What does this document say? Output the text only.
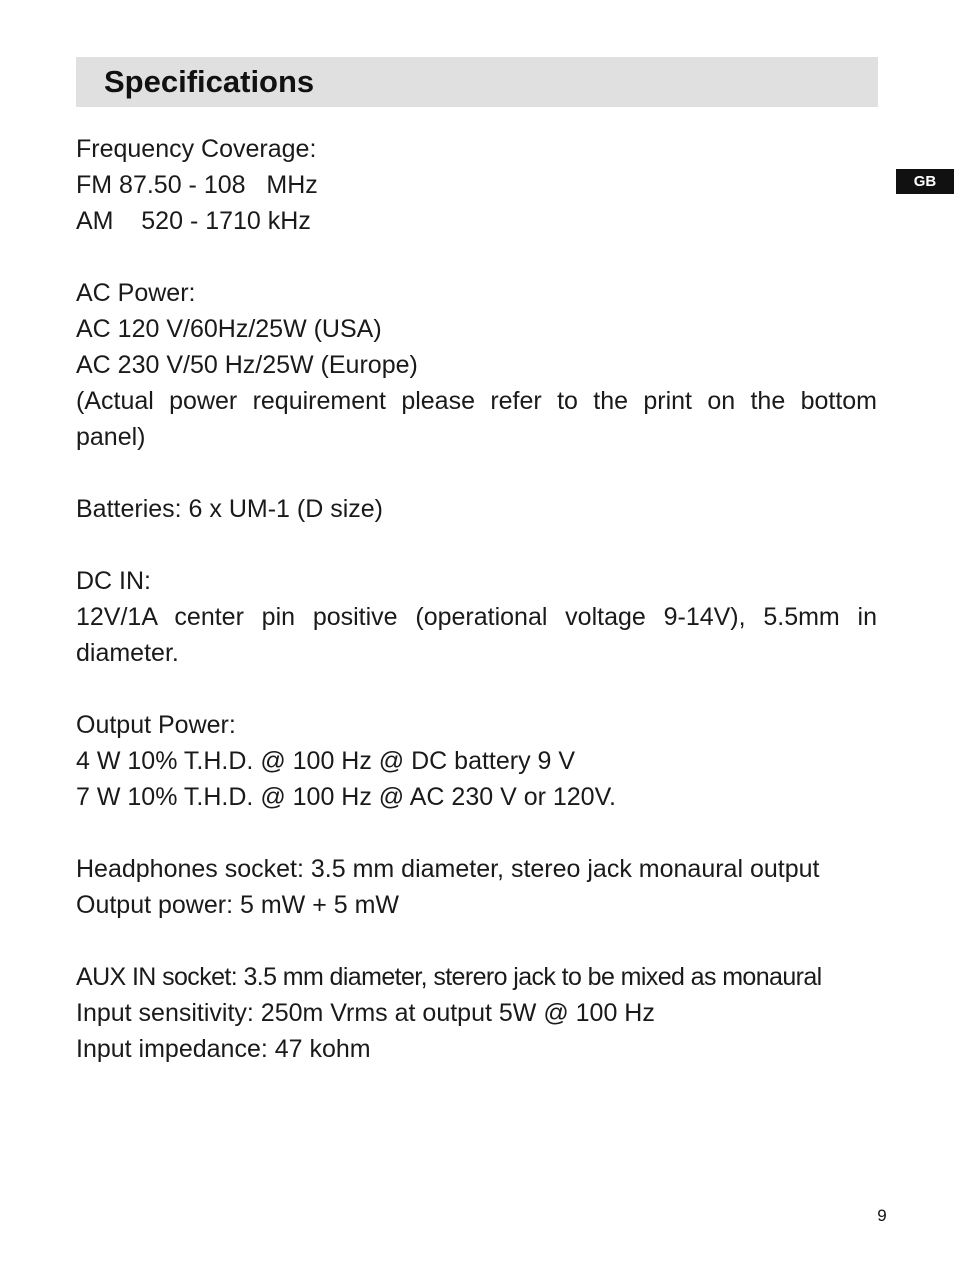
Specifications
GB
Frequency Coverage:
FM 87.50 - 108   MHz
AM    520 - 1710 kHz
AC Power:
AC 120 V/60Hz/25W (USA)
AC 230 V/50 Hz/25W (Europe)
(Actual power requirement please refer to the print on the bottom
panel)
Batteries: 6 x UM-1 (D size)
DC IN:
12V/1A center pin positive (operational voltage 9-14V), 5.5mm in
diameter.
Output Power:
4 W 10% T.H.D. @ 100 Hz @ DC battery 9 V
7 W 10% T.H.D. @ 100 Hz @ AC 230 V or 120V.
Headphones socket: 3.5 mm diameter, stereo jack monaural output
Output power: 5 mW + 5 mW
AUX IN socket: 3.5 mm diameter, sterero jack to be mixed as monaural
Input sensitivity: 250m Vrms at output 5W @ 100 Hz
Input impedance: 47 kohm
9
